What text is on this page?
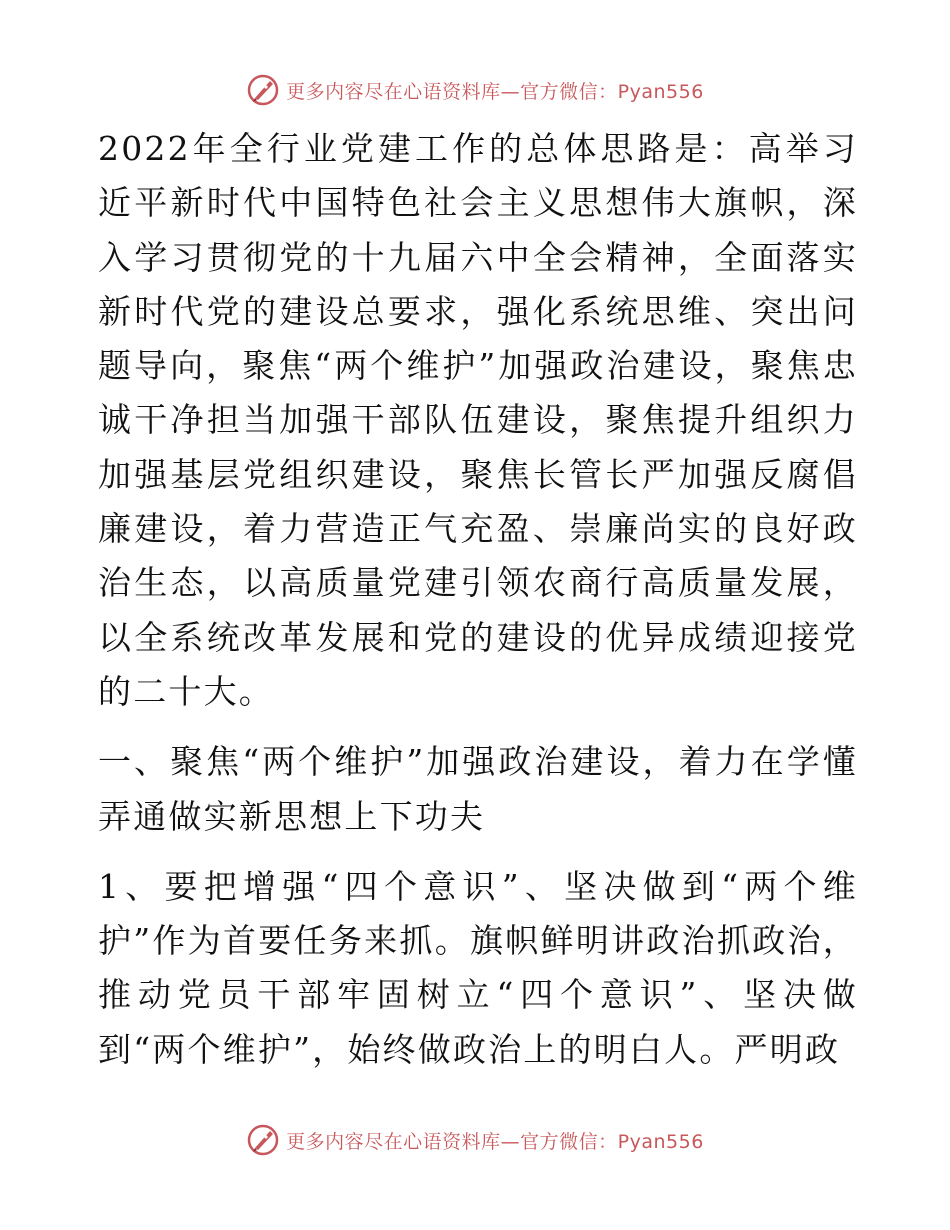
更多内容尽在心语资料库—官方微信：Pyan556

2022年全行业党建工作的总体思路是：高举习近平新时代中国特色社会主义思想伟大旗帜，深入学习贯彻党的十九届六中全会精神，全面落实新时代党的建设总要求，强化系统思维、突出问题导向，聚焦“两个维护”加强政治建设，聚焦忠诚干净担当加强干部队伍建设，聚焦提升组织力加强基层党组织建设，聚焦长管长严加强反腐倡廉建设，着力营造正气充盈、崇廉尚实的良好政治生态，以高质量党建引领农商行高质量发展，以全系统改革发展和党的建设的优异成绩迎接党的二十大。

一、聚焦“两个维护”加强政治建设，着力在学懂弄通做实新思想上下功夫

1、要把增强“四个意识”、坚决做到“两个维护”作为首要任务来抓。旗帜鲜明讲政治抓政治，推动党员干部牢固树立“四个意识”、坚决做到“两个维护”，始终做政治上的明白人。严明政

更多内容尽在心语资料库—官方微信：Pyan556
